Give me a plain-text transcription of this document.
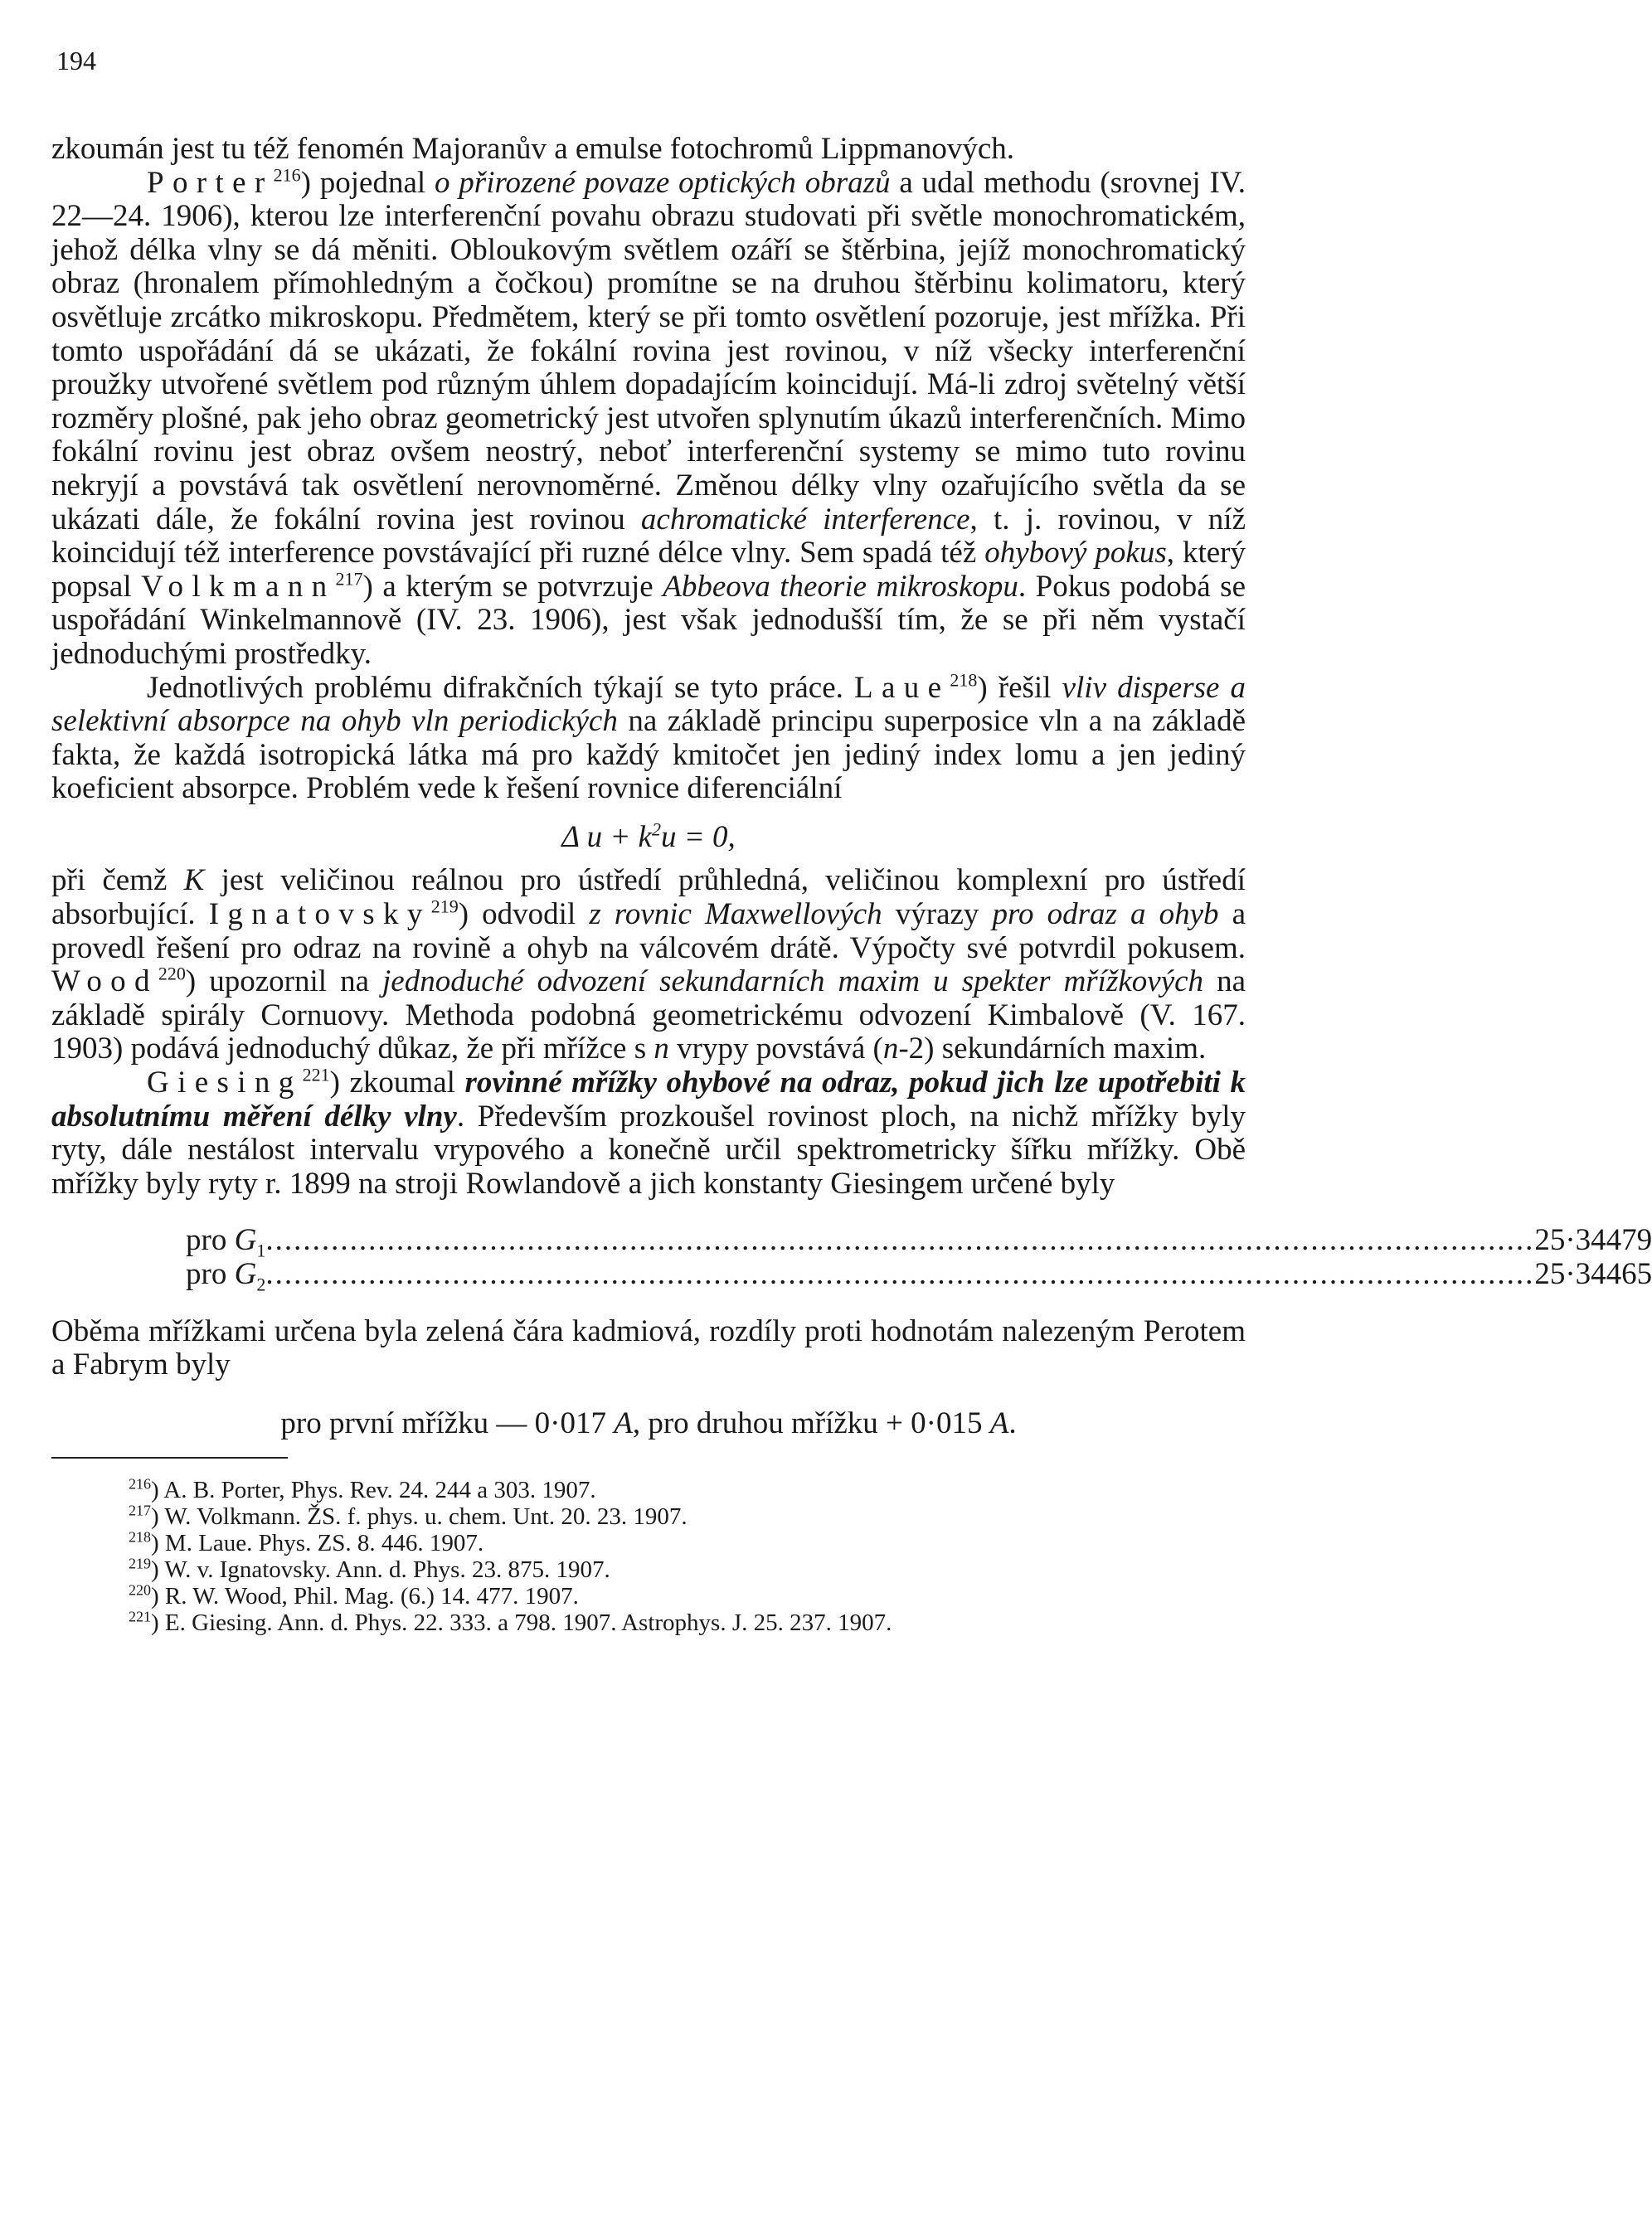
194

zkoumán jest tu též fenomén Majoranův a emulse fotochromů Lippmanových.

Porter$^{216}$) pojednal o přirozené povaze optických obrazů a udal methodu (srovnej IV. 22—24. 1906), kterou lze interferenční povahu obrazu studovati při světle monochromatickém, jehož délka vlny se dá měniti. Obloukovým světlem ozáří se štěrbina, jejíž monochromatický obraz (hronalem přímohledným a čočkou) promítne se na druhou štěrbinu kolimatoru, který osvětluje zrcátko mikroskopu. Předmětem, který se při tomto osvětlení pozoruje, jest mřížka. Při tomto uspořádání dá se ukázati, že fokální rovina jest rovinou, v níž všecky interferenční proužky utvořené světlem pod různým úhlem dopadajícím koincidují. Má-li zdroj světelný větší rozměry plošné, pak jeho obraz geometrický jest utvořen splynutím úkazů interferenčních. Mimo fokální rovinu jest obraz ovšem neostrý, neboť interferenční systemy se mimo tuto rovinu nekryjí a povstává tak osvětlení nerovnoměrné. Změnou délky vlny ozařujícího světla da se ukázati dále, že fokální rovina jest rovinou achromatické interference, t. j. rovinou, v níž koincidují též interference povstávající při ruzné délce vlny. Sem spadá též ohybový pokus, který popsal Volkmann$^{217}$) a kterým se potvrzuje Abbeova theorie mikroskopu. Pokus podobá se uspořádání Winkelmannově (IV. 23. 1906), jest však jednodušší tím, že se při něm vystačí jednoduchými prostředky.

Jednotlivých problému difrakčních týkají se tyto práce. Laue$^{218}$) řešil vliv disperse a selektivní absorpce na ohyb vln periodických na základě principu superposice vln a na základě fakta, že každá isotropická látka má pro každý kmitočet jen jediný index lomu a jen jediný koeficient absorpce. Problém vede k řešení rovnice diferenciální

Δ $u + k^2u = 0$,

při čemž K jest veličinou reálnou pro ústředí průhledná, veličinou komplexní pro ústředí absorbující. Ignatovsky$^{219}$) odvodil z rovnic Maxwellových výrazy pro odraz a ohyb a provedl řešení pro odraz na rovině a ohyb na válcovém drátě. Výpočty své potvrdil pokusem. Wood$^{220}$) upozornil na jednoduché odvození sekundarních maxim u spekter mřížkových na základě spirály Cornuovy. Methoda podobná geometrickému odvození Kimbalově (V. 167. 1903) podává jednoduchý důkaz, že při mřížce s n vrypy povstává (n-2) sekundárních maxim.

Giesing$^{221}$) zkoumal rovinné mřížky ohybové na odraz, pokud jich lze upotřebiti k absolutnímu měření délky vlny. Především prozkoušel rovinost ploch, na nichž mřížky byly ryty, dále nestálost intervalu vrypového a konečně určil spektrometricky šířku mřížky. Obě mřížky byly ryty r. 1899 na stroji Rowlandově a jich konstanty Giesingem určené byly

pro $G_1$ ........................................................................................................................................ 25·34479
pro $G_2$ ........................................................................................................................................ 25·34465

Oběma mřížkami určena byla zelená čára kadmiová, rozdíly proti hodnotám nalezeným Perotem a Fabrym byly

pro první mřížku — 0·017 A, pro druhou mřížku + 0·015 A.

$^{216}$) A. B. Porter, Phys. Rev. 24. 244 a 303. 1907.

$^{217}$) W. Volkmann. ŽS. f. phys. u. chem. Unt. 20. 23. 1907.

$^{218}$) M. Laue. Phys. ZS. 8. 446. 1907.

$^{219}$) W. v. Ignatovsky. Ann. d. Phys. 23. 875. 1907.

$^{220}$) R. W. Wood, Phil. Mag. (6.) 14. 477. 1907.

$^{221}$) E. Giesing. Ann. d. Phys. 22. 333. a 798. 1907. Astrophys. J. 25. 237. 1907.
